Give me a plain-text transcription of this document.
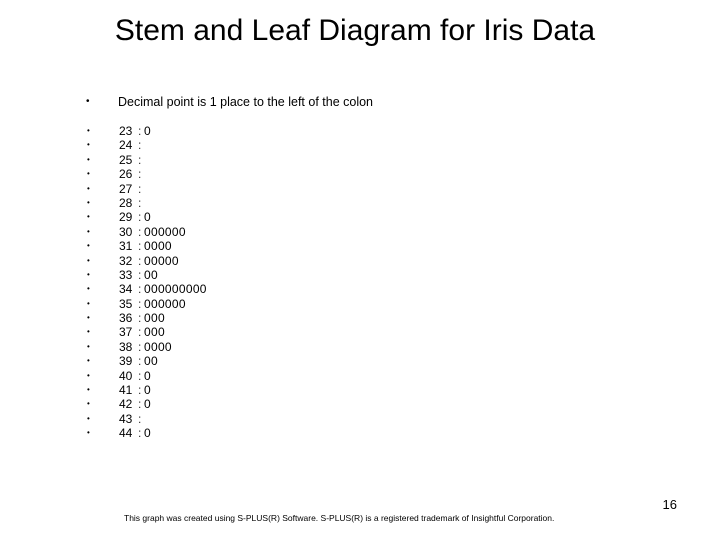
Stem and Leaf Diagram for Iris Data
• Decimal point is 1 place to the left of the colon
• 23 : 0
• 24 :
• 25 :
• 26 :
• 27 :
• 28 :
• 29 : 0
• 30 : 000000
• 31 : 0000
• 32 : 00000
• 33 : 00
• 34 : 000000000
• 35 : 000000
• 36 : 000
• 37 : 000
• 38 : 0000
• 39 : 00
• 40 : 0
• 41 : 0
• 42 : 0
• 43 :
• 44 : 0
16
This graph was created using S-PLUS(R) Software. S-PLUS(R) is a registered trademark of Insightful Corporation.
